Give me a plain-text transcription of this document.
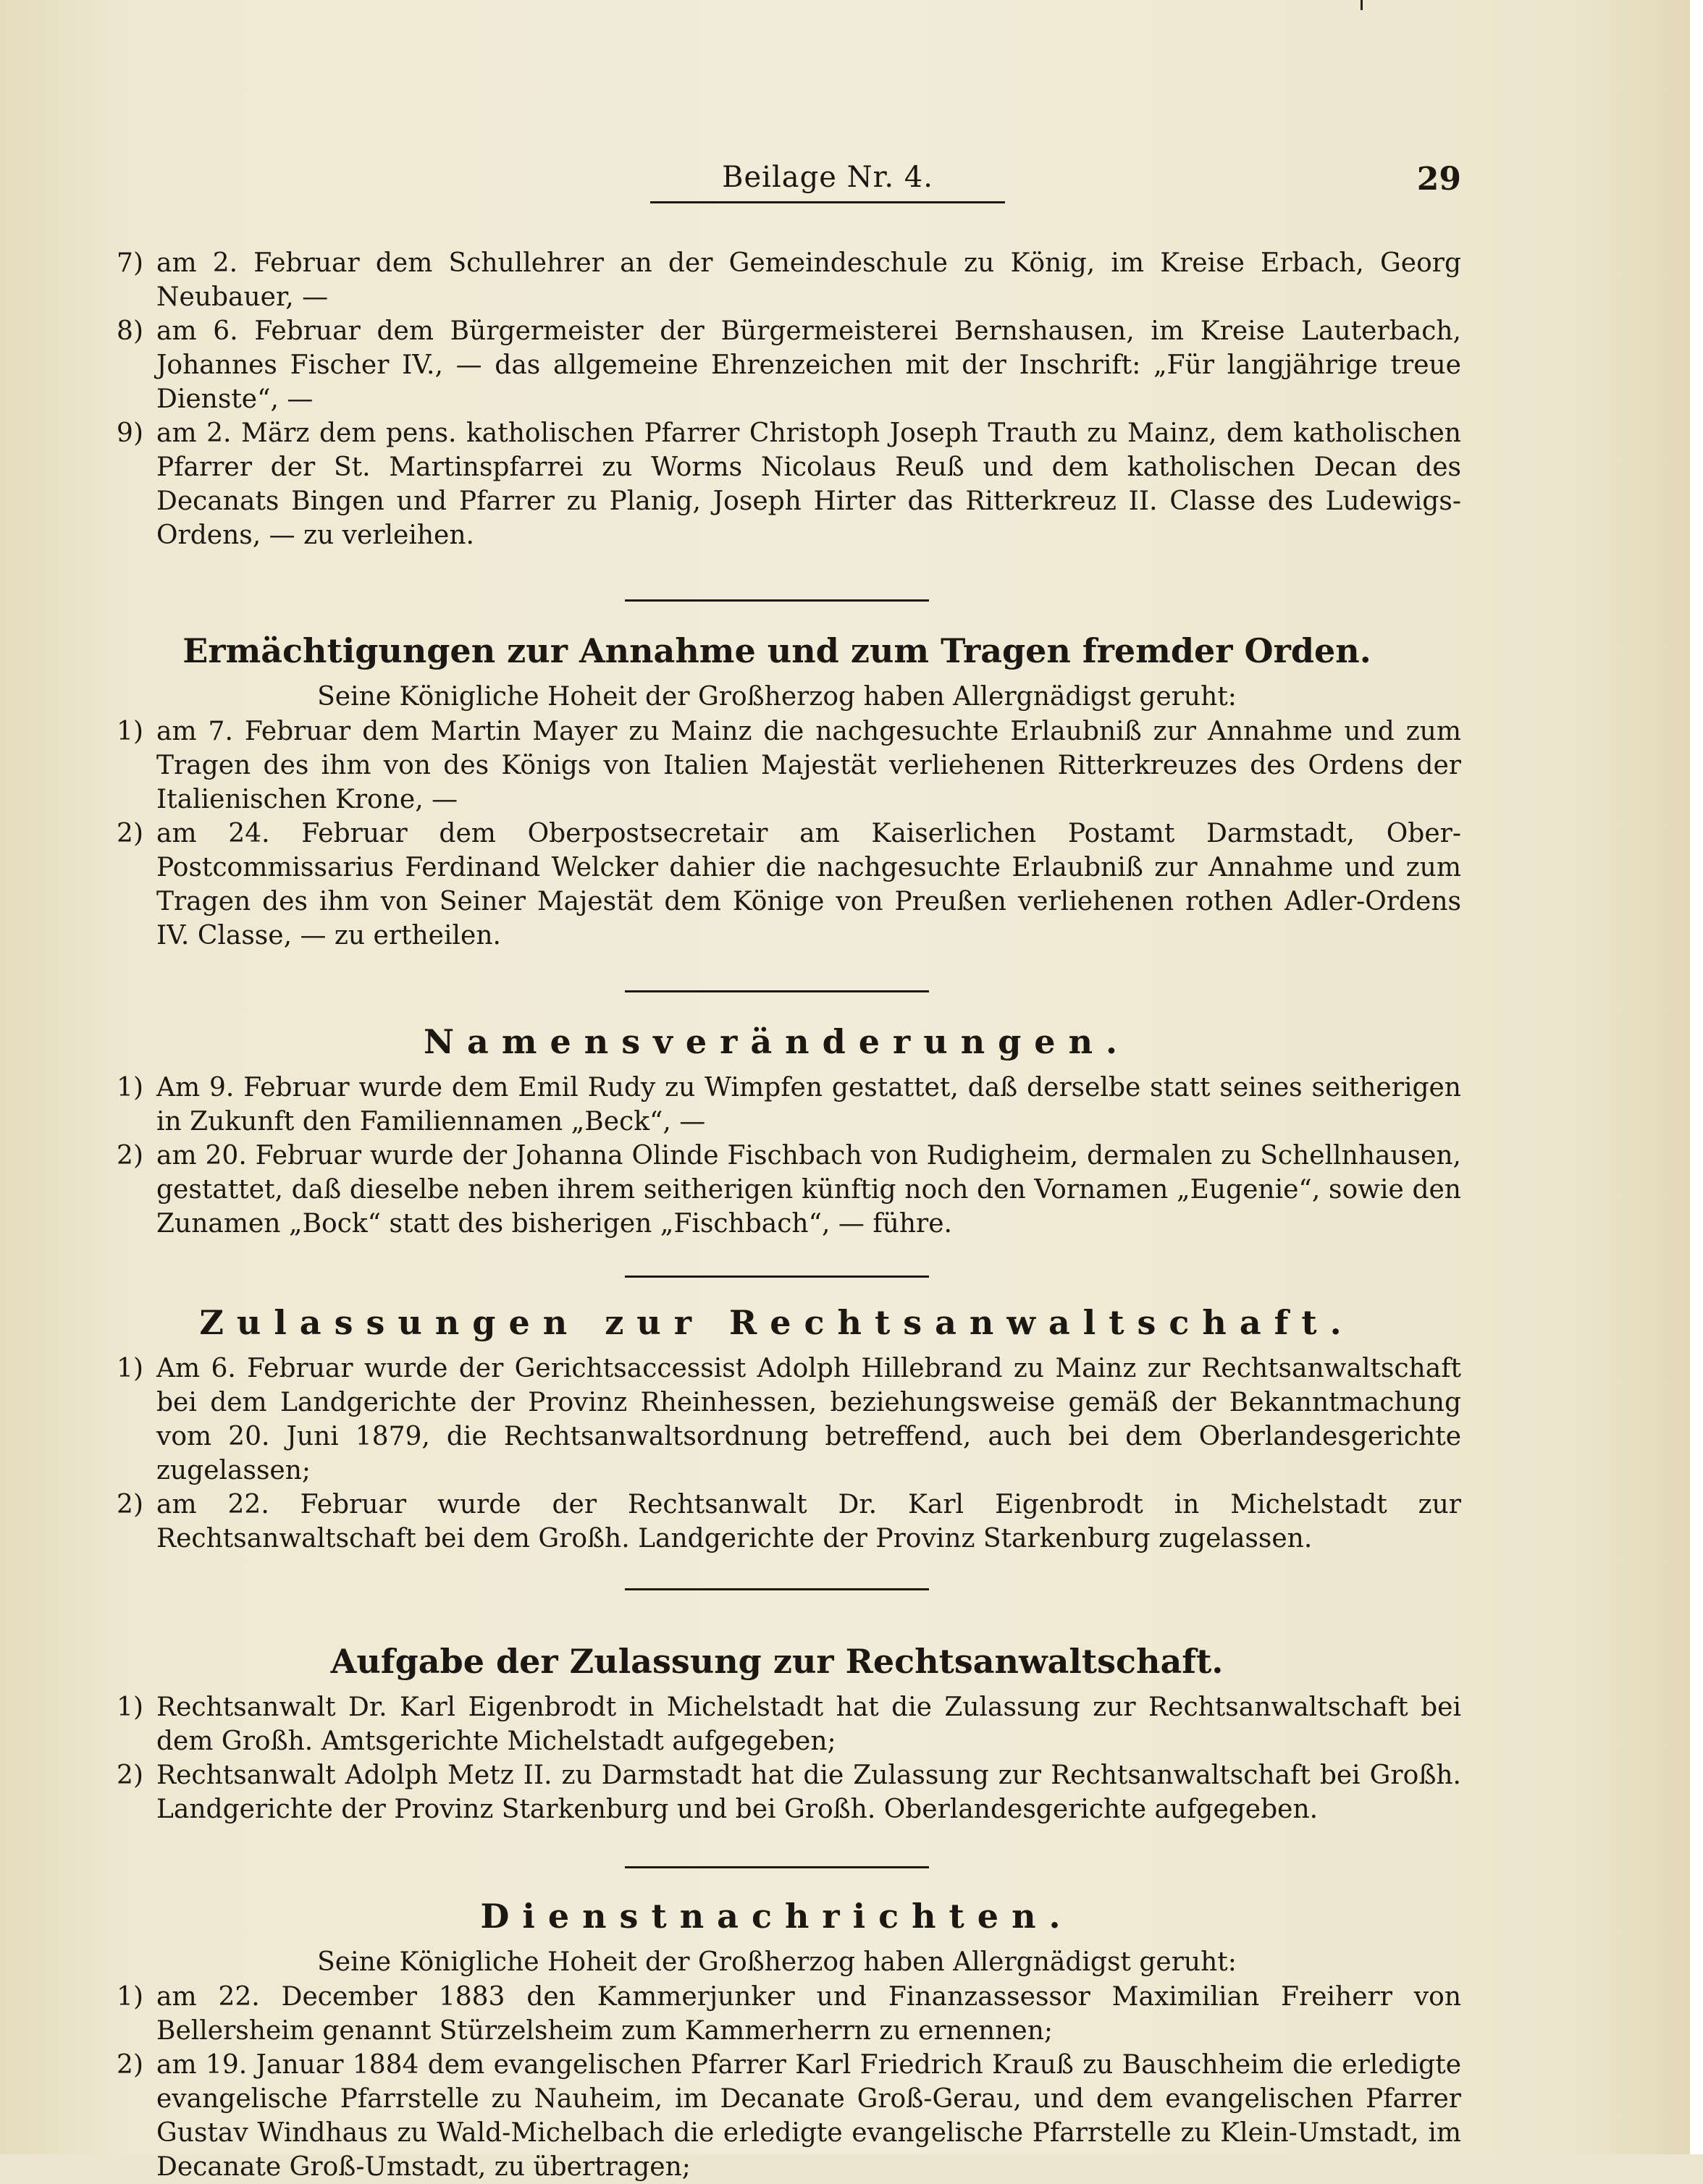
Beilage Nr. 4.	29
7) am 2. Februar dem Schullehrer an der Gemeindeschule zu König, im Kreise Erbach, Georg Neubauer, —
8) am 6. Februar dem Bürgermeister der Bürgermeisterei Bernshausen, im Kreise Lauterbach, Johannes Fischer IV., — das allgemeine Ehrenzeichen mit der Inschrift: „Für langjährige treue Dienste“, —
9) am 2. März dem pens. katholischen Pfarrer Christoph Joseph Trauth zu Mainz, dem katholischen Pfarrer der St. Martinspfarrei zu Worms Nicolaus Reuß und dem katholischen Decan des Decanats Bingen und Pfarrer zu Planig, Joseph Hirter das Ritterkreuz II. Classe des Ludewigs-Ordens, — zu verleihen.
Ermächtigungen zur Annahme und zum Tragen fremder Orden.

Seine Königliche Hoheit der Großherzog haben Allergnädigst geruht:

1) am 7. Februar dem Martin Mayer zu Mainz die nachgesuchte Erlaubniß zur Annahme und zum Tragen des ihm von des Königs von Italien Majestät verliehenen Ritterkreuzes des Ordens der Italienischen Krone, —
2) am 24. Februar dem Oberpostsecretair am Kaiserlichen Postamt Darmstadt, Ober-Postcommissarius Ferdinand Welcker dahier die nachgesuchte Erlaubniß zur Annahme und zum Tragen des ihm von Seiner Majestät dem Könige von Preußen verliehenen rothen Adler-Ordens IV. Classe, — zu ertheilen.
Namensveränderungen.
1) Am 9. Februar wurde dem Emil Rudy zu Wimpfen gestattet, daß derselbe statt seines seitherigen in Zukunft den Familiennamen „Beck“, —
2) am 20. Februar wurde der Johanna Olinde Fischbach von Rudigheim, dermalen zu Schellnhausen, gestattet, daß dieselbe neben ihrem seitherigen künftig noch den Vornamen „Eugenie“, sowie den Zunamen „Bock“ statt des bisherigen „Fischbach“, — führe.
Zulassungen zur Rechtsanwaltschaft.
1) Am 6. Februar wurde der Gerichtsaccessist Adolph Hillebrand zu Mainz zur Rechtsanwaltschaft bei dem Landgerichte der Provinz Rheinhessen, beziehungsweise gemäß der Bekanntmachung vom 20. Juni 1879, die Rechtsanwaltsordnung betreffend, auch bei dem Oberlandesgerichte zugelassen;
2) am 22. Februar wurde der Rechtsanwalt Dr. Karl Eigenbrodt in Michelstadt zur Rechtsanwaltschaft bei dem Großh. Landgerichte der Provinz Starkenburg zugelassen.
Aufgabe der Zulassung zur Rechtsanwaltschaft.
1) Rechtsanwalt Dr. Karl Eigenbrodt in Michelstadt hat die Zulassung zur Rechtsanwaltschaft bei dem Großh. Amtsgerichte Michelstadt aufgegeben;
2) Rechtsanwalt Adolph Metz II. zu Darmstadt hat die Zulassung zur Rechtsanwaltschaft bei Großh. Landgerichte der Provinz Starkenburg und bei Großh. Oberlandesgerichte aufgegeben.
Dienstnachrichten.

Seine Königliche Hoheit der Großherzog haben Allergnädigst geruht:

1) am 22. December 1883 den Kammerjunker und Finanzassessor Maximilian Freiherr von Bellersheim genannt Stürzelsheim zum Kammerherrn zu ernennen;
2) am 19. Januar 1884 dem evangelischen Pfarrer Karl Friedrich Krauß zu Bauschheim die erledigte evangelische Pfarrstelle zu Nauheim, im Decanate Groß-Gerau, und dem evangelischen Pfarrer Gustav Windhaus zu Wald-Michelbach die erledigte evangelische Pfarrstelle zu Klein-Umstadt, im Decanate Groß-Umstadt, zu übertragen;
